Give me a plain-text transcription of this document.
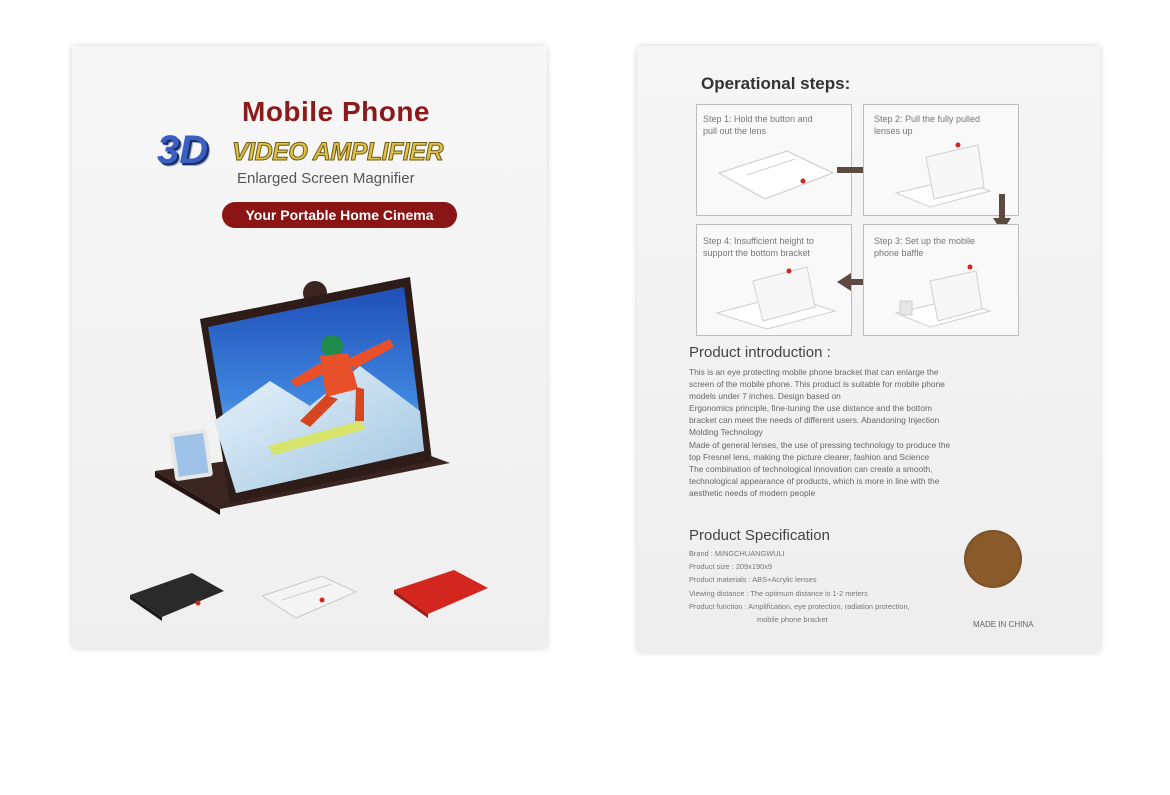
Mobile Phone
3D VIDEO AMPLIFIER
Enlarged Screen Magnifier
Your Portable Home Cinema
Operational steps:
Step 1: Hold the button and
pull out the lens
Step 2: Pull the fully pulled
lenses up
Step 4: Insufficient height to
support the bottom bracket
Step 3: Set up the mobile
phone baffle
Product introduction :
This is an eye protecting mobile phone bracket that can enlarge the
screen of the mobile phone. This product is suitable for mobile phone
models under 7 inches. Design based on
Ergonomics principle, fine-tuning the use distance and the bottom
bracket can meet the needs of different users. Abandoning Injection
Molding Technology
Made of general lenses, the use of pressing technology to produce the
top Fresnel lens, making the picture clearer, fashion and Science
The combination of technological innovation can create a smooth,
technological appearance of products, which is more in line with the
aesthetic needs of modern people
Product Specification
Brand : MINGCHUANGWULI
Product size : 209x190x9
Product materials : ABS+Acrylic lenses
Viewing distance : The optimum distance is 1-2 meters
Product function : Amplification, eye protection, radiation protection,
mobile phone bracket
MADE IN CHINA
